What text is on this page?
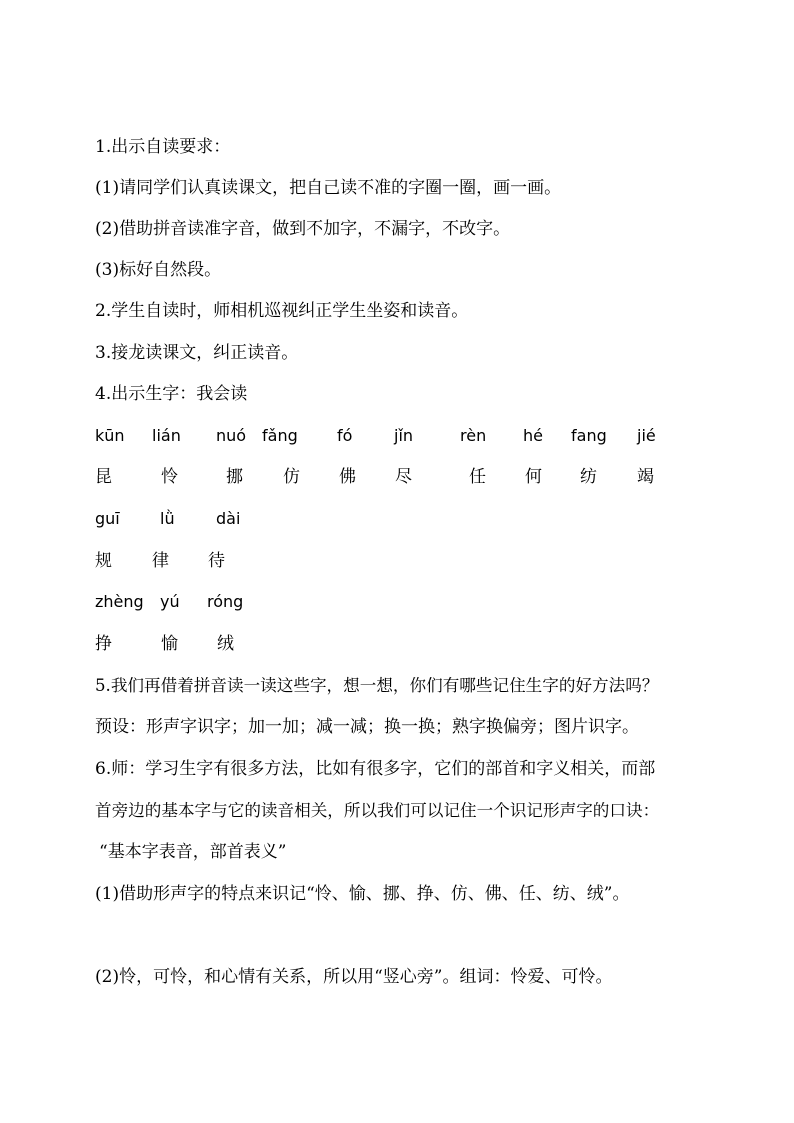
1.出示自读要求：
(1)请同学们认真读课文，把自己读不准的字圈一圈，画一画。
(2)借助拼音读准字音，做到不加字，不漏字，不改字。
(3)标好自然段。
2.学生自读时，师相机巡视纠正学生坐姿和读音。
3.接龙读课文，纠正读音。
4.出示生字：我会读
kūn lián nuó fǎng fó	jǐn	rèn hé fang jié
昆	怜	挪 仿 佛 尽	任 何 纺 竭
guī	lǜ	dài
规 律 待
zhèng yú róng
挣	愉 绒
5.我们再借着拼音读一读这些字，想一想，你们有哪些记住生字的好方法吗？
预设：形声字识字；加一加；减一减；换一换；熟字换偏旁；图片识字。
6.师：学习生字有很多方法，比如有很多字，它们的部首和字义相关，而部
首旁边的基本字与它的读音相关，所以我们可以记住一个识记形声字的口诀：
“基本字表音，部首表义”
(1)借助形声字的特点来识记“怜、愉、挪、挣、仿、佛、任、纺、绒”。
(2)怜，可怜，和心情有关系，所以用“竖心旁”。组词：怜爱、可怜。
